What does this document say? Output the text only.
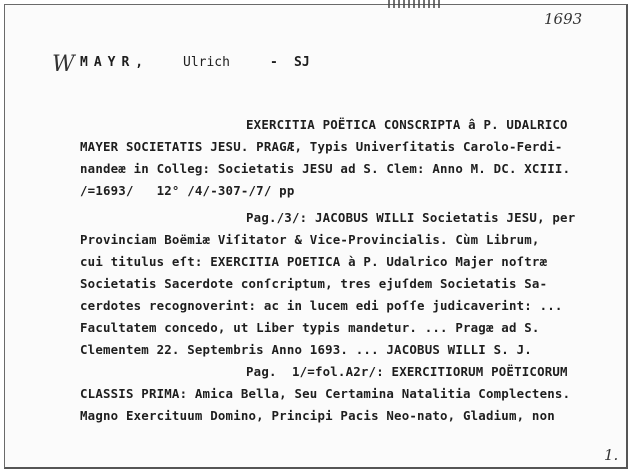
1693
W
1.
MAYR,	Ulrich	- SJ
EXERCITIA POËTICA CONSCRIPTA â P. UDALRICO
MAYER SOCIETATIS JESU. PRAGÆ, Typis Univerſitatis Carolo-Ferdi-
nandeæ in Colleg: Societatis JESU ad S. Clem: Anno M. DC. XCIII.
/=1693/   12° /4/-307-/7/ pp
Pag./3/: JACOBUS WILLI Societatis JESU, per
Provinciam Boëmiæ Viſitator & Vice-Provincialis. Cùm Librum,
cui titulus eſt: EXERCITIA POETICA à P. Udalrico Majer noſtræ
Societatis Sacerdote conſcriptum, tres ejuſdem Societatis Sa-
cerdotes recognoverint: ac in lucem edi poſſe judicaverint: ...
Facultatem concedo, ut Liber typis mandetur. ... Pragæ ad S.
Clementem 22. Septembris Anno 1693. ... JACOBUS WILLI S. J.
Pag.  1/=fol.A2r/: EXERCITIORUM POËTICORUM
CLASSIS PRIMA: Amica Bella, Seu Certamina Natalitia Complectens.
Magno Exercituum Domino, Principi Pacis Neo-nato, Gladium, non
